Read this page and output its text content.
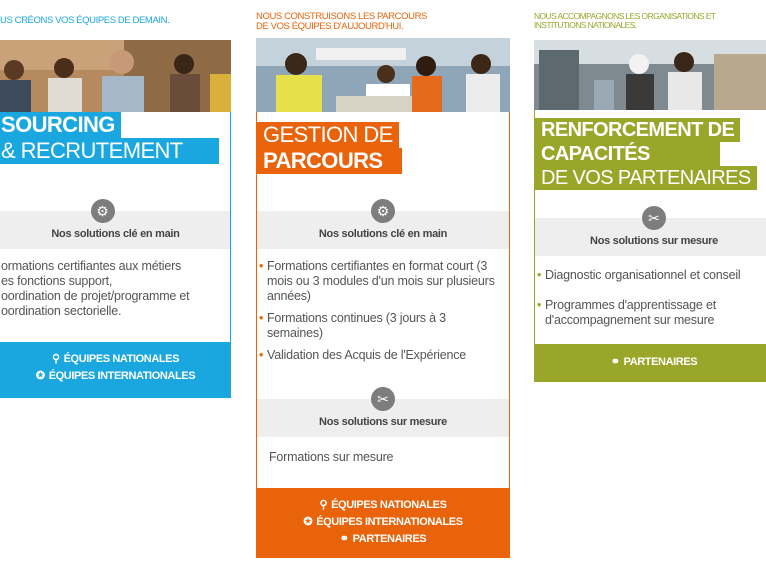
US CRÉONS VOS ÉQUIPES DE DEMAIN.
SOURCING
& RECRUTEMENT
⚙
Nos solutions clé en main
ormations certifiantes aux métiers
es fonctions support,
oordination de projet/programme et
oordination sectorielle.
⚲ ÉQUIPES NATIONALES
✪ ÉQUIPES INTERNATIONALES
NOUS CONSTRUISONS LES PARCOURS
DE VOS ÉQUIPES D'AUJOURD'HUI.
GESTION DE
PARCOURS
⚙
Nos solutions clé en main
• Formations certifiantes en format court (3 mois ou 3 modules d'un mois sur plusieurs années)
• Formations continues (3 jours à 3 semaines)
• Validation des Acquis de l'Expérience
✂
Nos solutions sur mesure
Formations sur mesure
⚲ ÉQUIPES NATIONALES
✪ ÉQUIPES INTERNATIONALES
⚭ PARTENAIRES
NOUS ACCOMPAGNONS LES ORGANISATIONS ET
INSTITUTIONS NATIONALES.
RENFORCEMENT DE
CAPACITÉS
DE VOS PARTENAIRES
✂
Nos solutions sur mesure
• Diagnostic organisationnel et conseil
• Programmes d'apprentissage et d'accompagnement sur mesure
⚭ PARTENAIRES
